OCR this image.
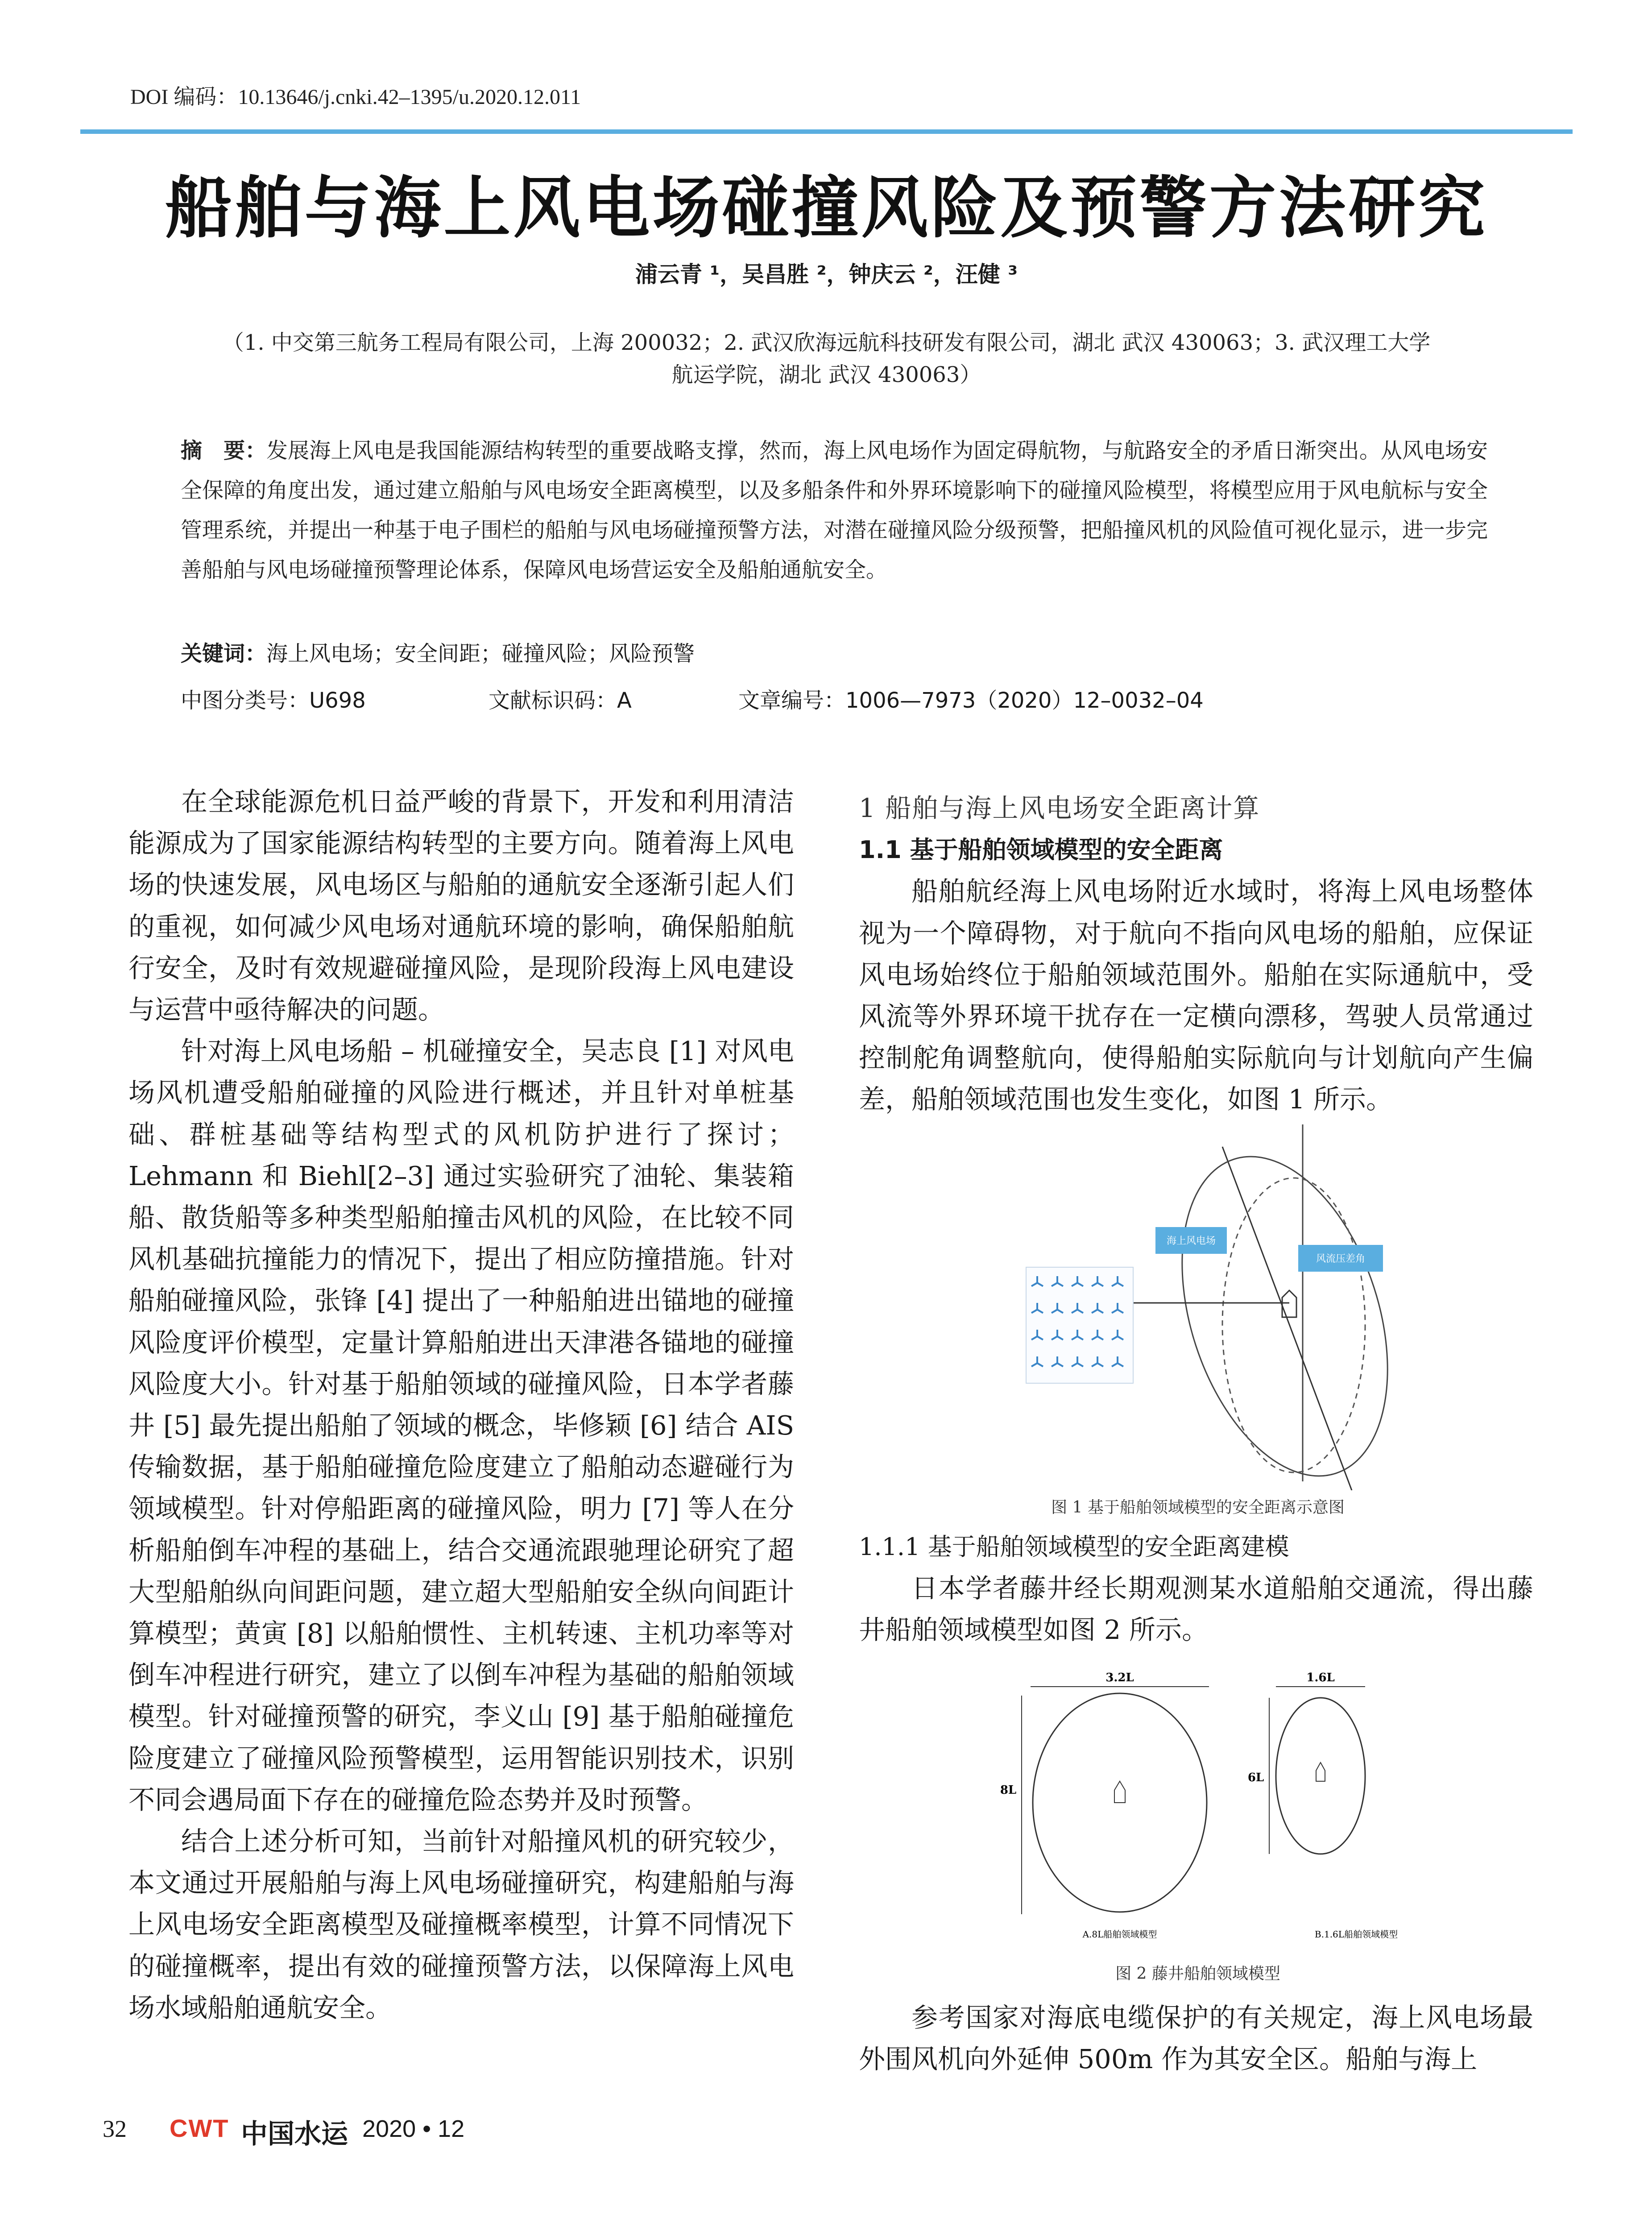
DOI 编码：10.13646/j.cnki.42–1395/u.2020.12.011
船舶与海上风电场碰撞风险及预警方法研究
浦云青 ¹，吴昌胜 ²，钟庆云 ²，汪健 ³
（1. 中交第三航务工程局有限公司，上海 200032；2. 武汉欣海远航科技研发有限公司，湖北 武汉 430063；3. 武汉理工大学
航运学院，湖北 武汉 430063）
摘　要：发展海上风电是我国能源结构转型的重要战略支撑，然而，海上风电场作为固定碍航物，与航路安全的矛盾日渐突出。从风电场安全保障的角度出发，通过建立船舶与风电场安全距离模型，以及多船条件和外界环境影响下的碰撞风险模型，将模型应用于风电航标与安全管理系统，并提出一种基于电子围栏的船舶与风电场碰撞预警方法，对潜在碰撞风险分级预警，把船撞风机的风险值可视化显示，进一步完善船舶与风电场碰撞预警理论体系，保障风电场营运安全及船舶通航安全。
关键词：海上风电场；安全间距；碰撞风险；风险预警
中图分类号：U698	文献标识码：A	文章编号：1006—7973（2020）12–0032–04

在全球能源危机日益严峻的背景下，开发和利用清洁能源成为了国家能源结构转型的主要方向。随着海上风电场的快速发展，风电场区与船舶的通航安全逐渐引起人们的重视，如何减少风电场对通航环境的影响，确保船舶航行安全，及时有效规避碰撞风险，是现阶段海上风电建设与运营中亟待解决的问题。

针对海上风电场船 – 机碰撞安全，吴志良 [1] 对风电场风机遭受船舶碰撞的风险进行概述，并且针对单桩基础、群桩基础等结构型式的风机防护进行了探讨；Lehmann 和 Biehl[2–3] 通过实验研究了油轮、集装箱船、散货船等多种类型船舶撞击风机的风险，在比较不同风机基础抗撞能力的情况下，提出了相应防撞措施。针对船舶碰撞风险，张锋 [4] 提出了一种船舶进出锚地的碰撞风险度评价模型，定量计算船舶进出天津港各锚地的碰撞风险度大小。针对基于船舶领域的碰撞风险，日本学者藤井 [5] 最先提出船舶了领域的概念，毕修颖 [6] 结合 AIS 传输数据，基于船舶碰撞危险度建立了船舶动态避碰行为领域模型。针对停船距离的碰撞风险，明力 [7] 等人在分析船舶倒车冲程的基础上，结合交通流跟驰理论研究了超大型船舶纵向间距问题，建立超大型船舶安全纵向间距计算模型；黄寅 [8] 以船舶惯性、主机转速、主机功率等对倒车冲程进行研究，建立了以倒车冲程为基础的船舶领域模型。针对碰撞预警的研究，李义山 [9] 基于船舶碰撞危险度建立了碰撞风险预警模型，运用智能识别技术，识别不同会遇局面下存在的碰撞危险态势并及时预警。

结合上述分析可知，当前针对船撞风机的研究较少，本文通过开展船舶与海上风电场碰撞研究，构建船舶与海上风电场安全距离模型及碰撞概率模型，计算不同情况下的碰撞概率，提出有效的碰撞预警方法，以保障海上风电场水域船舶通航安全。

1 船舶与海上风电场安全距离计算

1.1 基于船舶领域模型的安全距离

船舶航经海上风电场附近水域时，将海上风电场整体视为一个障碍物，对于航向不指向风电场的船舶，应保证风电场始终位于船舶领域范围外。船舶在实际通航中，受风流等外界环境干扰存在一定横向漂移，驾驶人员常通过控制舵角调整航向，使得船舶实际航向与计划航向产生偏差，船舶领域范围也发生变化，如图 1 所示。

海上风电场
风流压差角
图 1 基于船舶领域模型的安全距离示意图

1.1.1 基于船舶领域模型的安全距离建模

日本学者藤井经长期观测某水道船舶交通流，得出藤井船舶领域模型如图 2 所示。

3.2L
8L
A.8L船舶领域模型
1.6L
6L
B.1.6L船舶领域模型
图 2 藤井船舶领域模型

参考国家对海底电缆保护的有关规定，海上风电场最外围风机向外延伸 500m 作为其安全区。船舶与海上

32 CWT 中国水运 2020 • 12
